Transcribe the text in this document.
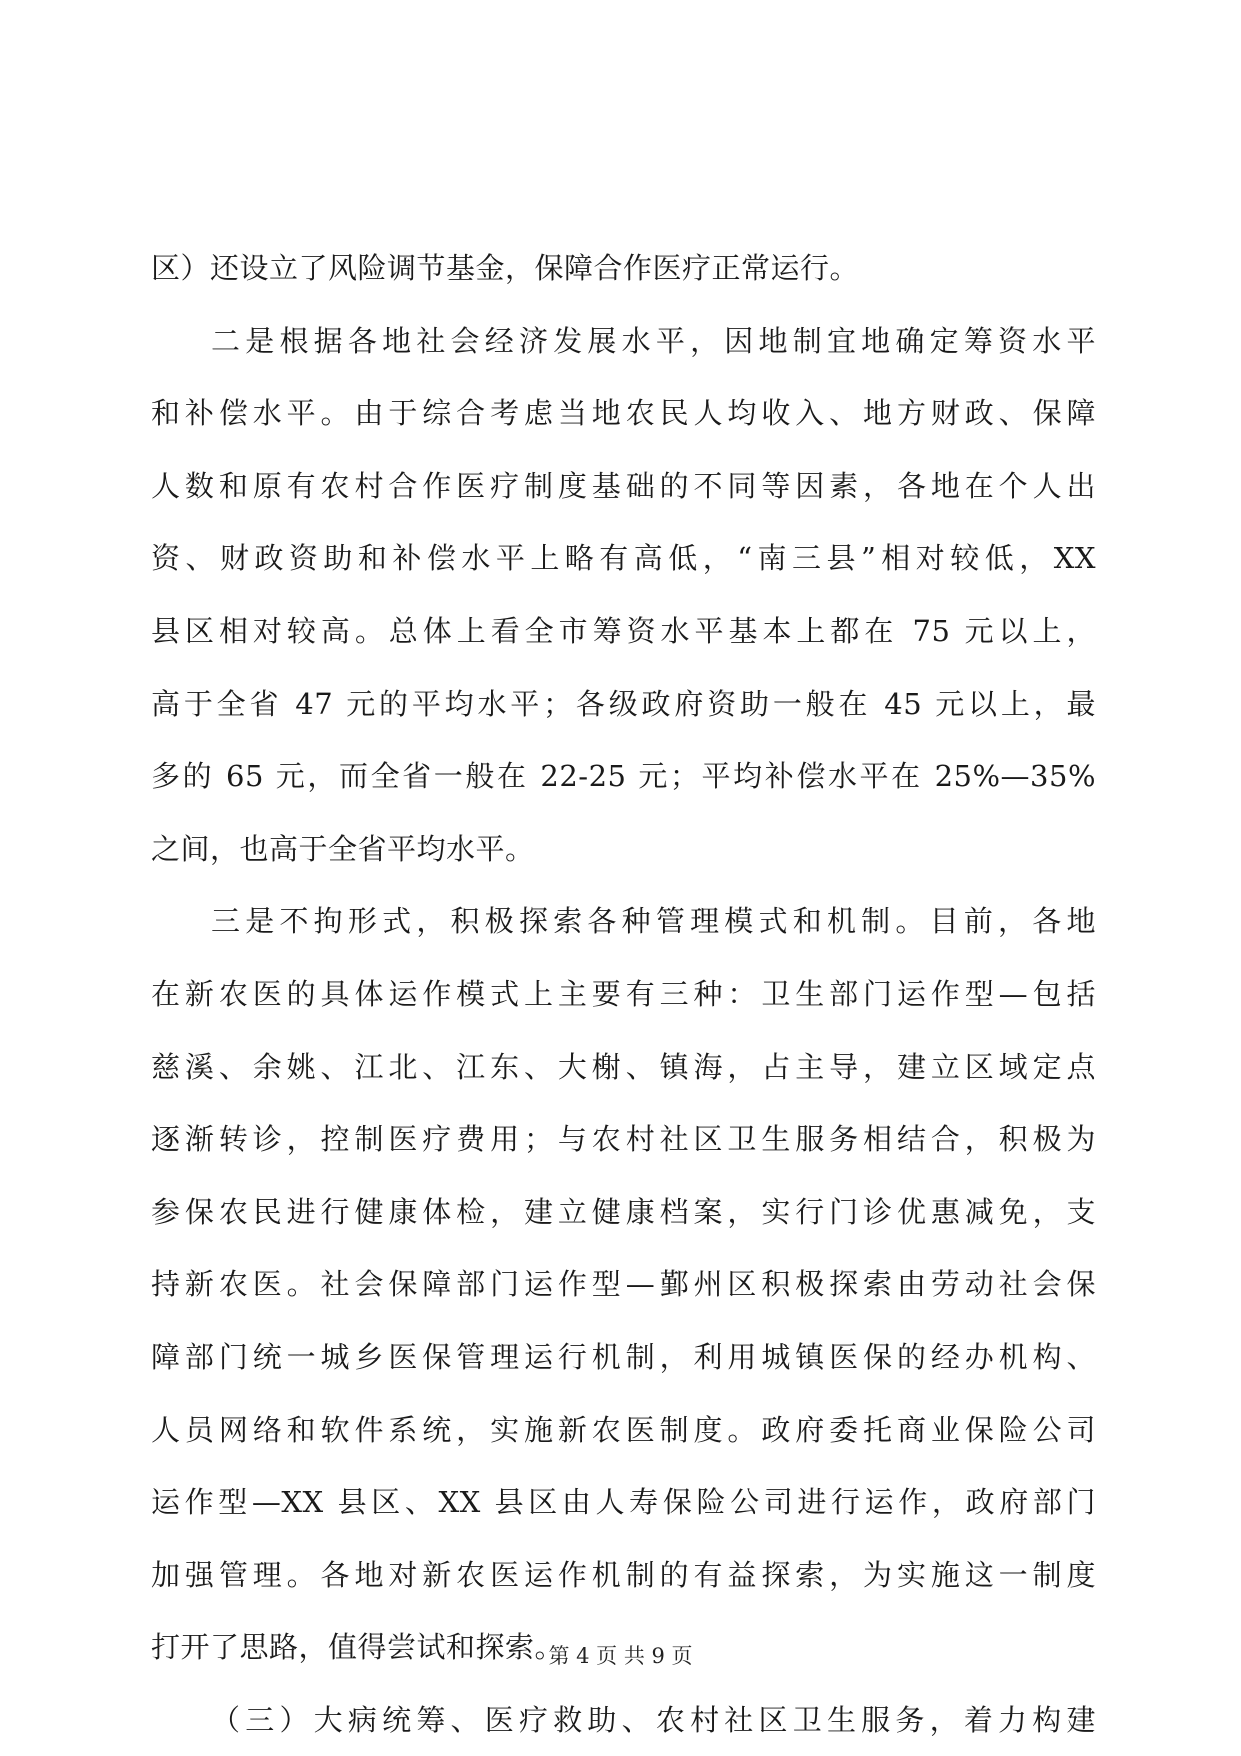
区）还设立了风险调节基金，保障合作医疗正常运行。
二是根据各地社会经济发展水平，因地制宜地确定筹资水平
和补偿水平。由于综合考虑当地农民人均收入、地方财政、保障
人数和原有农村合作医疗制度基础的不同等因素，各地在个人出
资、财政资助和补偿水平上略有高低，“南三县”相对较低，XX
县区相对较高。总体上看全市筹资水平基本上都在 75 元以上，
高于全省 47 元的平均水平；各级政府资助一般在 45 元以上，最
多的 65 元，而全省一般在 22-25 元；平均补偿水平在 25%—35%
之间，也高于全省平均水平。
三是不拘形式，积极探索各种管理模式和机制。目前，各地
在新农医的具体运作模式上主要有三种：卫生部门运作型—包括
慈溪、余姚、江北、江东、大榭、镇海，占主导，建立区域定点
逐渐转诊，控制医疗费用；与农村社区卫生服务相结合，积极为
参保农民进行健康体检，建立健康档案，实行门诊优惠减免，支
持新农医。社会保障部门运作型—鄞州区积极探索由劳动社会保
障部门统一城乡医保管理运行机制，利用城镇医保的经办机构、
人员网络和软件系统，实施新农医制度。政府委托商业保险公司
运作型—XX 县区、XX 县区由人寿保险公司进行运作，政府部门
加强管理。各地对新农医运作机制的有益探索，为实施这一制度
打开了思路，值得尝试和探索。
（三）大病统筹、医疗救助、农村社区卫生服务，着力构建
第 4 页 共 9 页
